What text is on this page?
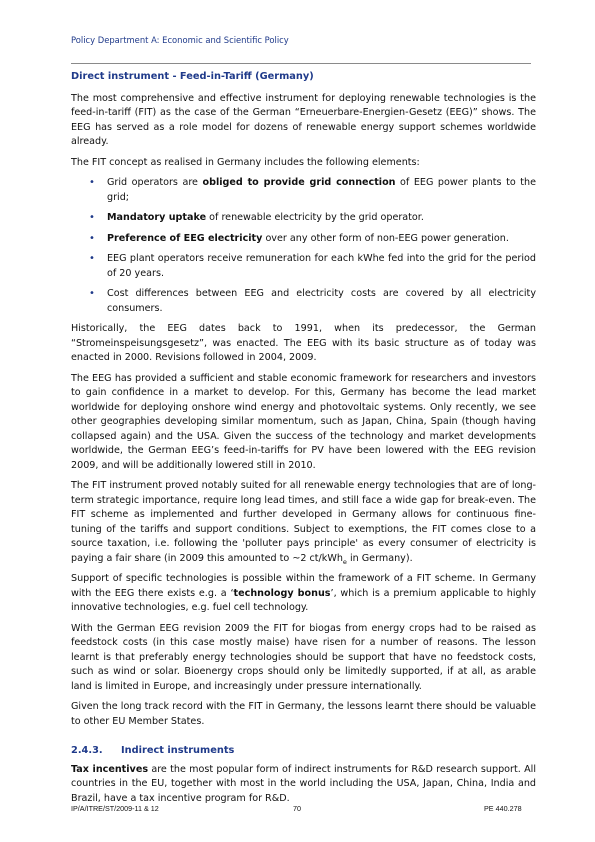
Policy Department A: Economic and Scientific Policy
Direct instrument - Feed-in-Tariff (Germany)

The most comprehensive and effective instrument for deploying renewable technologies is the feed-in-tariff (FIT) as the case of the German “Erneuerbare-Energien-Gesetz (EEG)” shows. The EEG has served as a role model for dozens of renewable energy support schemes worldwide already.

The FIT concept as realised in Germany includes the following elements:

• Grid operators are obliged to provide grid connection of EEG power plants to the grid;
• Mandatory uptake of renewable electricity by the grid operator.
• Preference of EEG electricity over any other form of non-EEG power generation.
• EEG plant operators receive remuneration for each kWhe fed into the grid for the period of 20 years.
• Cost differences between EEG and electricity costs are covered by all electricity consumers.

Historically, the EEG dates back to 1991, when its predecessor, the German “Stromeinspeisungsgesetz”, was enacted. The EEG with its basic structure as of today was enacted in 2000. Revisions followed in 2004, 2009.

The EEG has provided a sufficient and stable economic framework for researchers and investors to gain confidence in a market to develop. For this, Germany has become the lead market worldwide for deploying onshore wind energy and photovoltaic systems. Only recently, we see other geographies developing similar momentum, such as Japan, China, Spain (though having collapsed again) and the USA. Given the success of the technology and market developments worldwide, the German EEG’s feed-in-tariffs for PV have been lowered with the EEG revision 2009, and will be additionally lowered still in 2010.

The FIT instrument proved notably suited for all renewable energy technologies that are of long-term strategic importance, require long lead times, and still face a wide gap for break-even. The FIT scheme as implemented and further developed in Germany allows for continuous fine-tuning of the tariffs and support conditions. Subject to exemptions, the FIT comes close to a source taxation, i.e. following the 'polluter pays principle' as every consumer of electricity is paying a fair share (in 2009 this amounted to ~2 ct/kWh$_e$ in Germany).

Support of specific technologies is possible within the framework of a FIT scheme. In Germany with the EEG there exists e.g. a ‘technology bonus’, which is a premium applicable to highly innovative technologies, e.g. fuel cell technology.

With the German EEG revision 2009 the FIT for biogas from energy crops had to be raised as feedstock costs (in this case mostly maise) have risen for a number of reasons. The lesson learnt is that preferably energy technologies should be support that have no feedstock costs, such as wind or solar. Bioenergy crops should only be limitedly supported, if at all, as arable land is limited in Europe, and increasingly under pressure internationally.

Given the long track record with the FIT in Germany, the lessons learnt there should be valuable to other EU Member States.

2.4.3. Indirect instruments

Tax incentives are the most popular form of indirect instruments for R&D research support. All countries in the EU, together with most in the world including the USA, Japan, China, India and Brazil, have a tax incentive program for R&D.

IP/A/ITRE/ST/2009-11 & 12	70	PE 440.278
